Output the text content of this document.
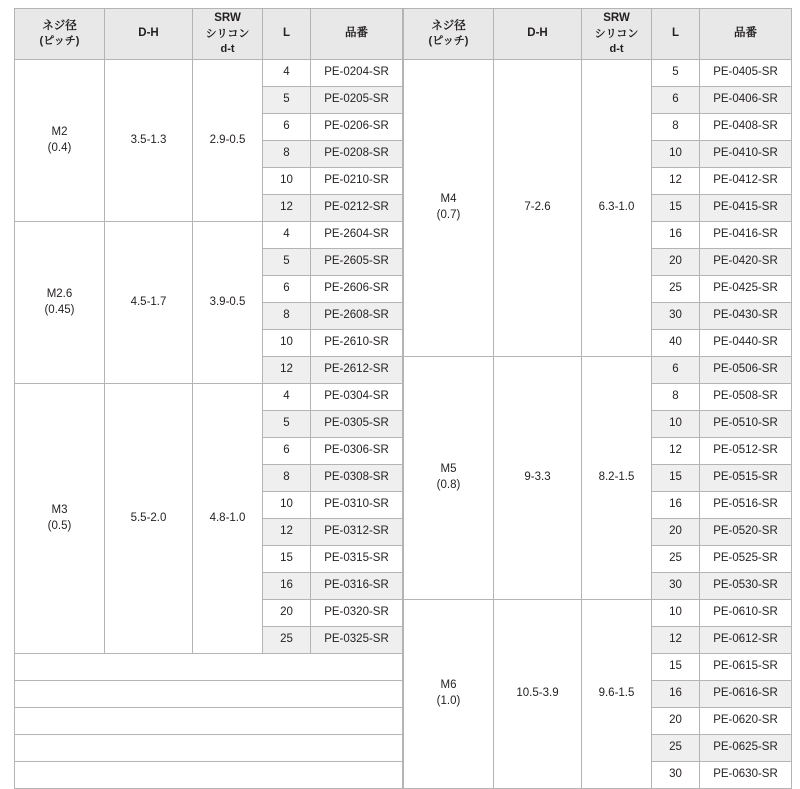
ネジ径
(ピッチ)	D-H	SRW
シリコン
d-t	L	品番
M2
(0.4)	3.5-1.3	2.9-0.5	4	PE-0204-SR
			5	PE-0205-SR
			6	PE-0206-SR
			8	PE-0208-SR
			10	PE-0210-SR
			12	PE-0212-SR
M2.6
(0.45)	4.5-1.7	3.9-0.5	4	PE-2604-SR
			5	PE-2605-SR
			6	PE-2606-SR
			8	PE-2608-SR
			10	PE-2610-SR
			12	PE-2612-SR
M3
(0.5)	5.5-2.0	4.8-1.0	4	PE-0304-SR
			5	PE-0305-SR
			6	PE-0306-SR
			8	PE-0308-SR
			10	PE-0310-SR
			12	PE-0312-SR
			15	PE-0315-SR
			16	PE-0316-SR
			20	PE-0320-SR
			25	PE-0325-SR

ネジ径
(ピッチ)	D-H	SRW
シリコン
d-t	L	品番
M4
(0.7)	7-2.6	6.3-1.0	5	PE-0405-SR
			6	PE-0406-SR
			8	PE-0408-SR
			10	PE-0410-SR
			12	PE-0412-SR
			15	PE-0415-SR
			16	PE-0416-SR
			20	PE-0420-SR
			25	PE-0425-SR
			30	PE-0430-SR
			40	PE-0440-SR
M5
(0.8)	9-3.3	8.2-1.5	6	PE-0506-SR
			8	PE-0508-SR
			10	PE-0510-SR
			12	PE-0512-SR
			15	PE-0515-SR
			16	PE-0516-SR
			20	PE-0520-SR
			25	PE-0525-SR
			30	PE-0530-SR
M6
(1.0)	10.5-3.9	9.6-1.5	10	PE-0610-SR
			12	PE-0612-SR
			15	PE-0615-SR
			16	PE-0616-SR
			20	PE-0620-SR
			25	PE-0625-SR
			30	PE-0630-SR
